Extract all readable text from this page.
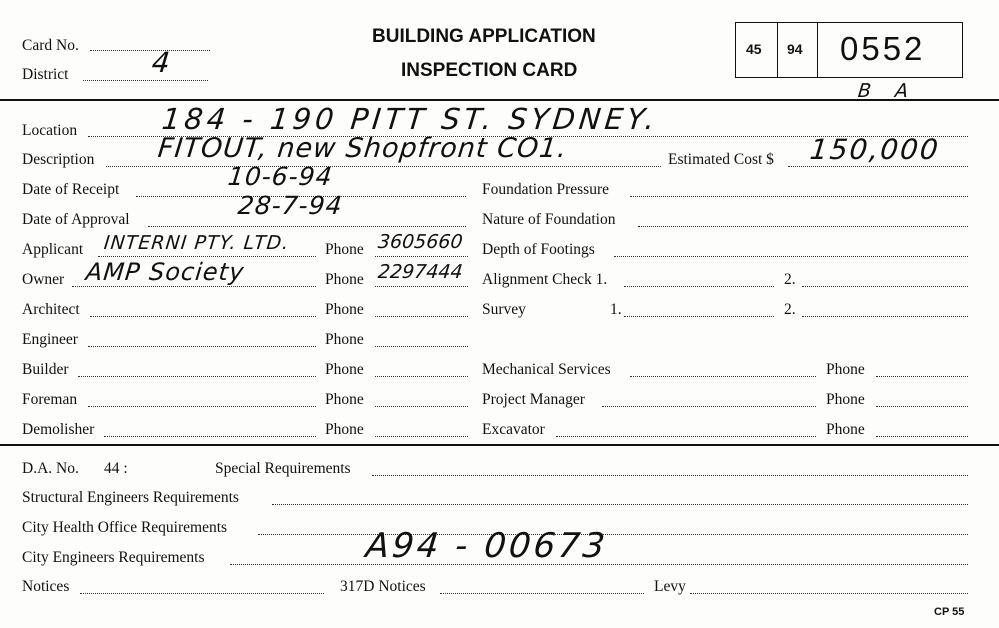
Card No.
District	4
BUILDING APPLICATION
INSPECTION CARD
45 94 0552
B A
Location	184 - 190 PITT ST. SYDNEY.
Description FITOUT, new Shopfront CO1.	Estimated Cost $ 150,000
Date of Receipt	10-6-94
Date of Approval	28-7-94
Applicant INTERNI PTY. LTD. Phone 3605660
Owner AMP Society	Phone 2297444
Architect	Phone
Engineer	Phone
Builder	Phone
Foreman	Phone
Demolisher	Phone
Foundation Pressure
Nature of Foundation
Depth of Footings
Alignment Check 1.	2.
Survey	1.	2.
Mechanical Services	Phone
Project Manager	Phone
Excavator	Phone
D.A. No. 44 :	Special Requirements
Structural Engineers Requirements
City Health Office Requirements
City Engineers Requirements	A94 - 00673
Notices	317D Notices	Levy
CP 55
